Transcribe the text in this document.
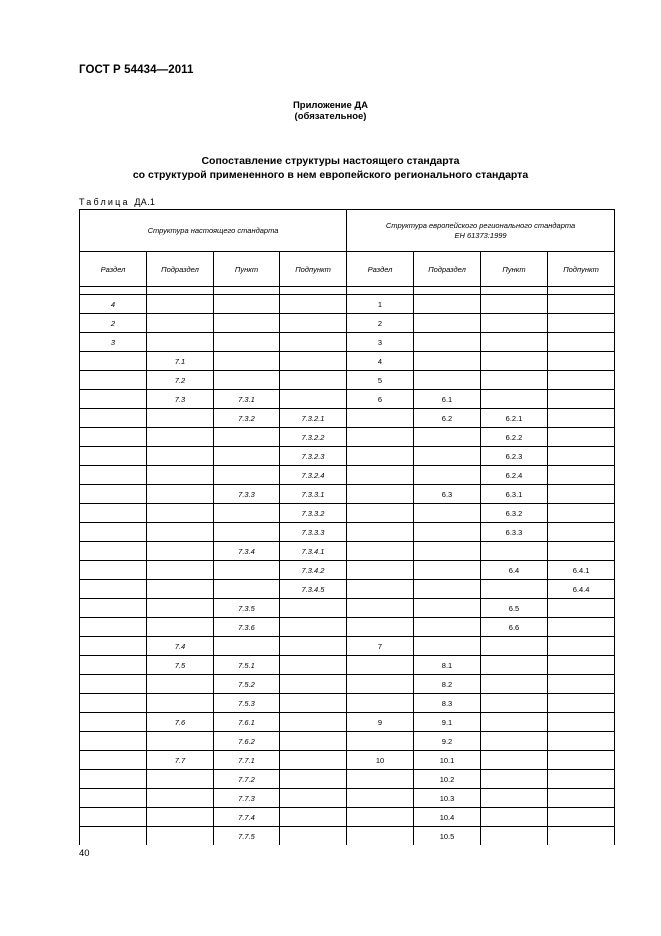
ГОСТ Р 54434—2011
Приложение ДА
(обязательное)
Сопоставление структуры настоящего стандарта
со структурой примененного в нем европейского регионального стандарта
Таблица ДА.1
Структура настоящего стандарта				Структура европейского регионального стандарта
ЕН 61373:1999			

Раздел	Подраздел	Пункт	Подпункт	Раздел	Подраздел	Пункт	Подпункт

4				1			
2				2			
3				3			
	7.1			4			
	7.2			5			
	7.3	7.3.1		6	6.1		
		7.3.2	7.3.2.1		6.2	6.2.1	
			7.3.2.2			6.2.2	
			7.3.2.3			6.2.3	
			7.3.2.4			6.2.4	
		7.3.3	7.3.3.1		6.3	6.3.1	
			7.3.3.2			6.3.2	
			7.3.3.3			6.3.3	
		7.3.4	7.3.4.1				
			7.3.4.2			6.4	6.4.1
			7.3.4.5				6.4.4
		7.3.5				6.5	
		7.3.6				6.6	
	7.4			7			
	7.5	7.5.1			8.1		
		7.5.2			8.2		
		7.5.3			8.3		
	7.6	7.6.1		9	9.1		
		7.6.2			9.2		
	7.7	7.7.1		10	10.1		
		7.7.2			10.2		
		7.7.3			10.3		
		7.7.4			10.4		
		7.7.5			10.5		
40
